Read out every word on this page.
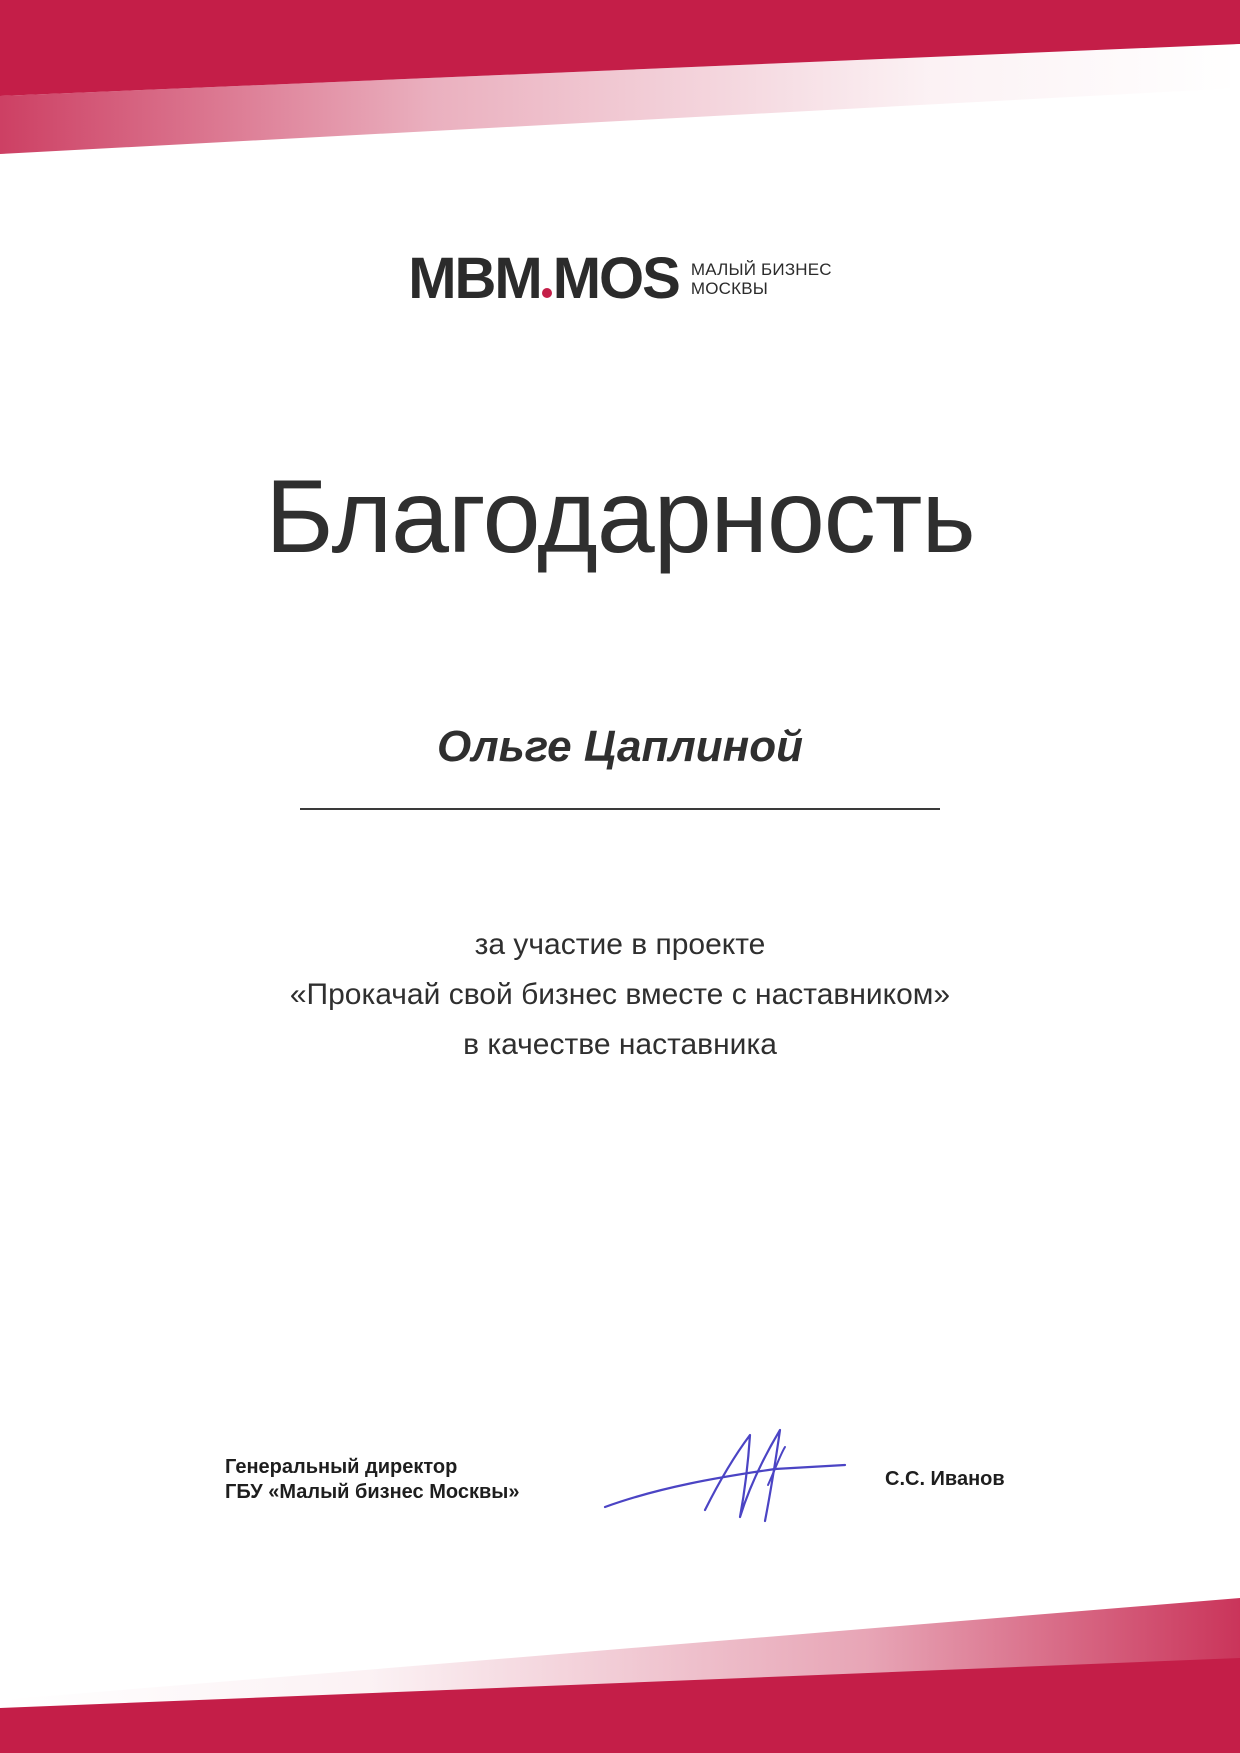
MBM MOS МАЛЫЙ БИЗНЕС
МОСКВЫ
Благодарность
Ольге Цаплиной
за участие в проекте
«Прокачай свой бизнес вместе с наставником»
в качестве наставника
Генеральный директор
ГБУ «Малый бизнес Москвы»
С.С. Иванов
